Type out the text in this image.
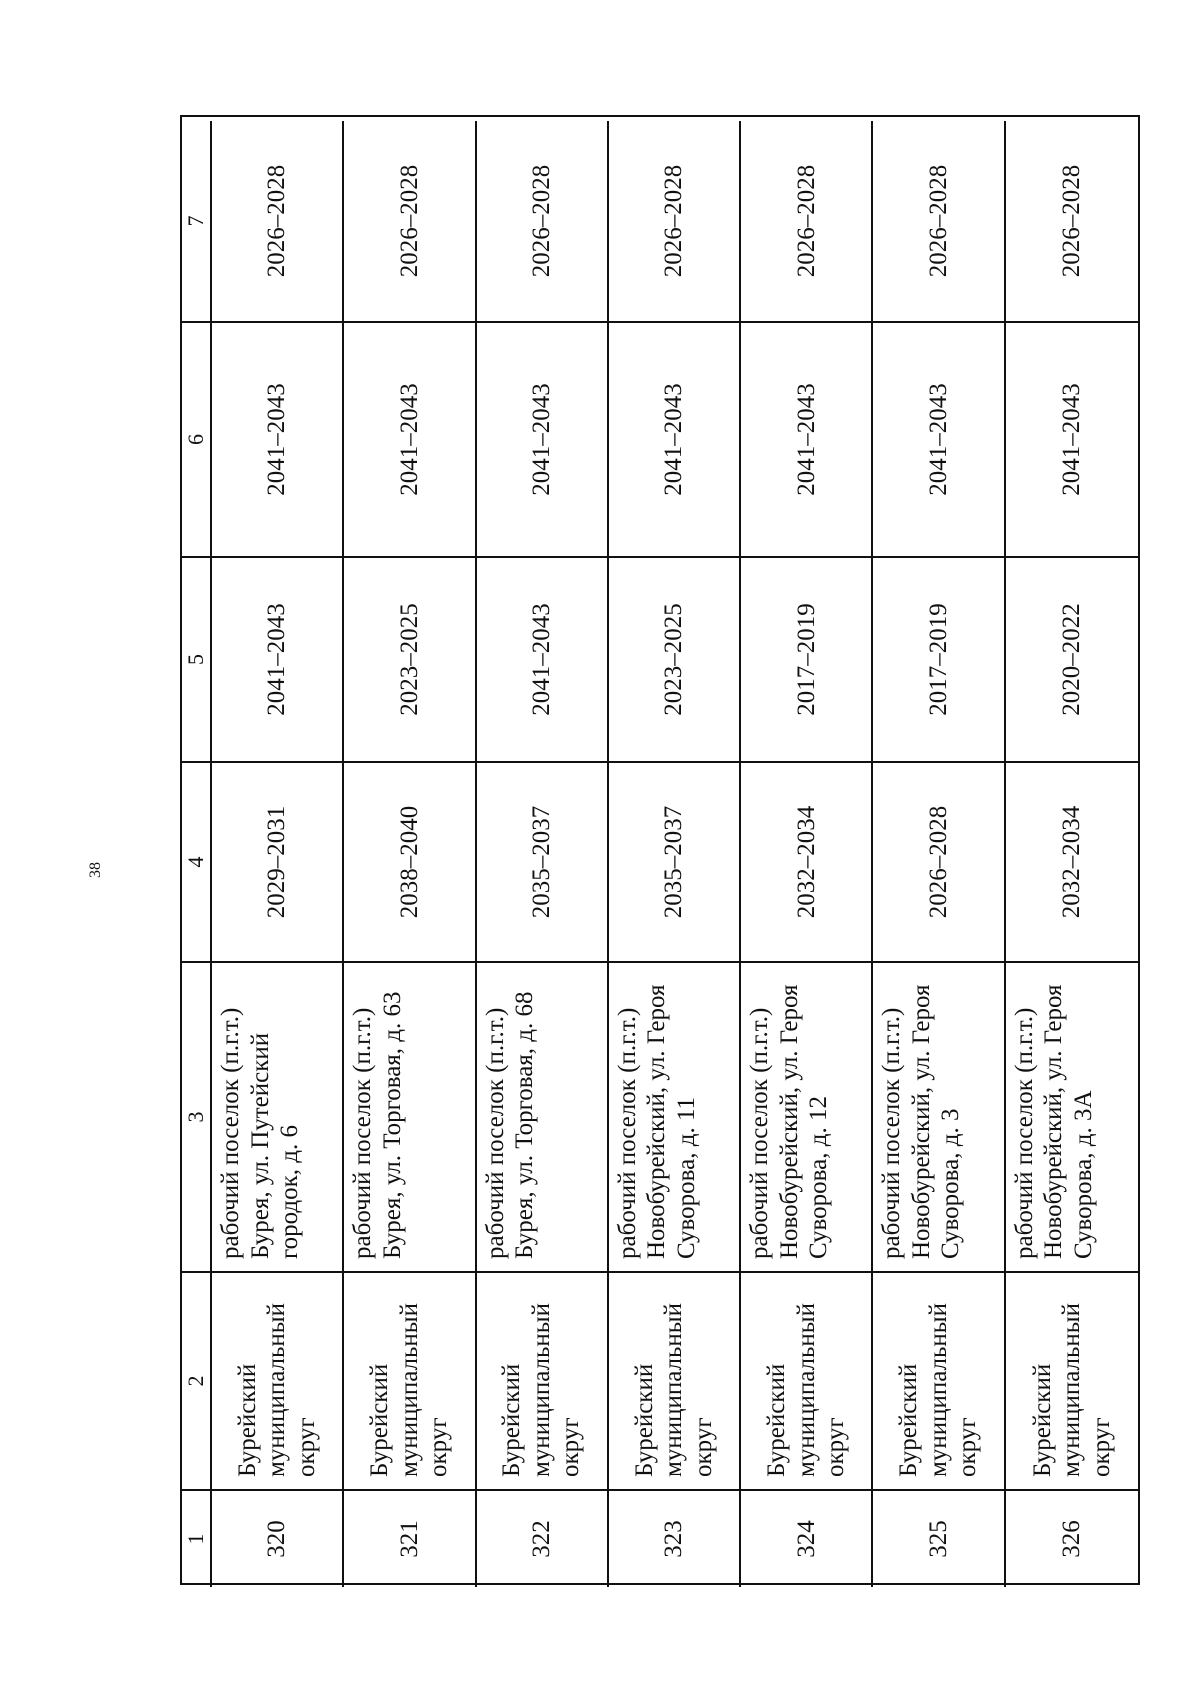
38
1
2
3
4
5
6
7
320
Бурейский муниципальный округ
рабочий поселок (п.г.т.) Бурея, ул. Путейский городок, д. 6
2029–2031
2041–2043
2041–2043
2026–2028
321
Бурейский муниципальный округ
рабочий поселок (п.г.т.) Бурея, ул. Торговая, д. 63
2038–2040
2023–2025
2041–2043
2026–2028
322
Бурейский муниципальный округ
рабочий поселок (п.г.т.) Бурея, ул. Торговая, д. 68
2035–2037
2041–2043
2041–2043
2026–2028
323
Бурейский муниципальный округ
рабочий поселок (п.г.т.) Новобурейский, ул. Героя Суворова, д. 11
2035–2037
2023–2025
2041–2043
2026–2028
324
Бурейский муниципальный округ
рабочий поселок (п.г.т.) Новобурейский, ул. Героя Суворова, д. 12
2032–2034
2017–2019
2041–2043
2026–2028
325
Бурейский муниципальный округ
рабочий поселок (п.г.т.) Новобурейский, ул. Героя Суворова, д. 3
2026–2028
2017–2019
2041–2043
2026–2028
326
Бурейский муниципальный округ
рабочий поселок (п.г.т.) Новобурейский, ул. Героя Суворова, д. 3А
2032–2034
2020–2022
2041–2043
2026–2028
